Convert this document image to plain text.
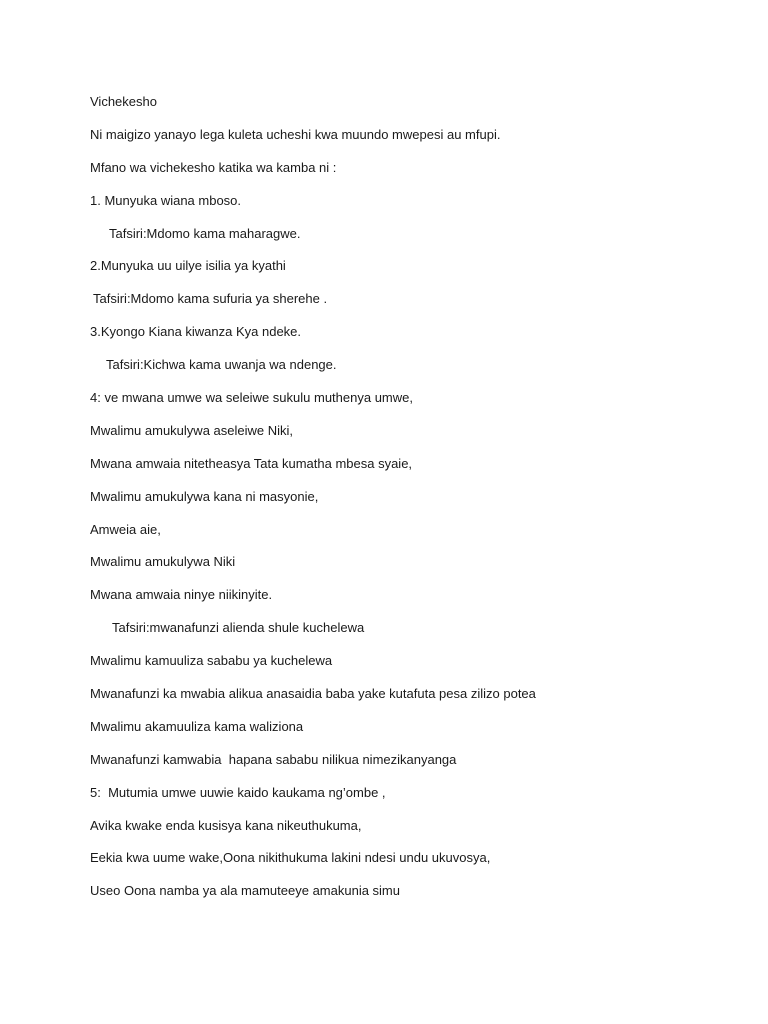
Vichekesho
Ni maigizo yanayo lega kuleta ucheshi kwa muundo mwepesi au mfupi.
Mfano wa vichekesho katika wa kamba ni :
1. Munyuka wiana mboso.
Tafsiri:Mdomo kama maharagwe.
2.Munyuka uu uilye isilia ya kyathi
Tafsiri:Mdomo kama sufuria ya sherehe .
3.Kyongo Kiana kiwanza Kya ndeke.
Tafsiri:Kichwa kama uwanja wa ndenge.
4: ve mwana umwe wa seleiwe sukulu muthenya umwe,
Mwalimu amukulywa aseleiwe Niki,
Mwana amwaia nitetheasya Tata kumatha mbesa syaie,
Mwalimu amukulywa kana ni masyonie,
Amweia aie,
Mwalimu amukulywa Niki
Mwana amwaia ninye niikinyite.
Tafsiri:mwanafunzi aliendа shule kuchelewa
Mwalimu kamuuliza sababu ya kuchelewa
Mwanafunzi ka mwabia alikua anasaidia baba yake kutafuta pesa zilizo potea
Mwalimu akamuuliza kama waliziona
Mwanafunzi kamwabia  hapana sababu nilikua nimezikanyanga
5:  Mutumia umwe uuwie kaido kaukama ng’ombe ,
Avika kwake enda kusisya kana nikeuthukuma,
Eekia kwa uume wake,Oona nikithukuma lakini ndesi undu ukuvosya,
Useo Oona namba ya ala mamuteeye amakunia simu
